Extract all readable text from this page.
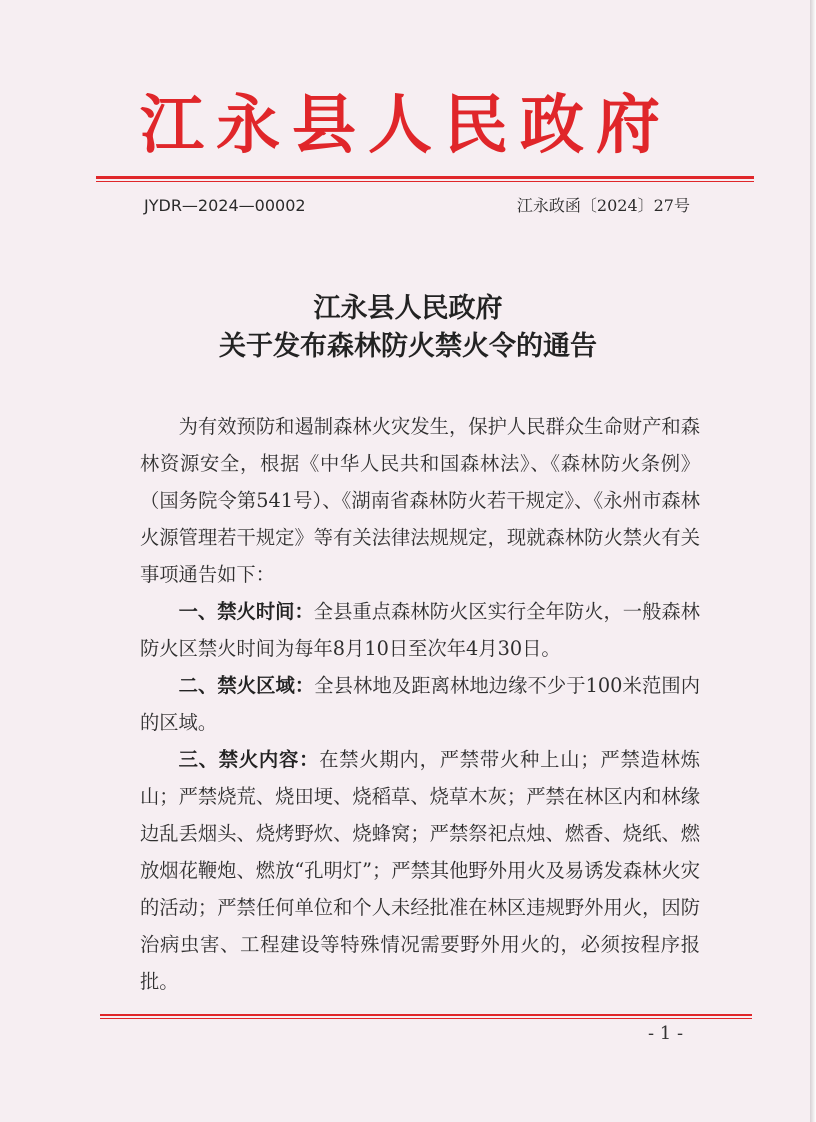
江永县人民政府
JYDR—2024—00002	江永政函〔2024〕27号
江永县人民政府
关于发布森林防火禁火令的通告

为有效预防和遏制森林火灾发生，保护人民群众生命财产和森林资源安全，根据《中华人民共和国森林法》、《森林防火条例》（国务院令第541号）、《湖南省森林防火若干规定》、《永州市森林火源管理若干规定》等有关法律法规规定，现就森林防火禁火有关事项通告如下：

一、禁火时间：全县重点森林防火区实行全年防火，一般森林防火区禁火时间为每年8月10日至次年4月30日。

二、禁火区域：全县林地及距离林地边缘不少于100米范围内的区域。

三、禁火内容：在禁火期内，严禁带火种上山；严禁造林炼山；严禁烧荒、烧田埂、烧稻草、烧草木灰；严禁在林区内和林缘边乱丢烟头、烧烤野炊、烧蜂窝；严禁祭祀点烛、燃香、烧纸、燃放烟花鞭炮、燃放“孔明灯”；严禁其他野外用火及易诱发森林火灾的活动；严禁任何单位和个人未经批准在林区违规野外用火，因防治病虫害、工程建设等特殊情况需要野外用火的，必须按程序报批。

- 1 -
